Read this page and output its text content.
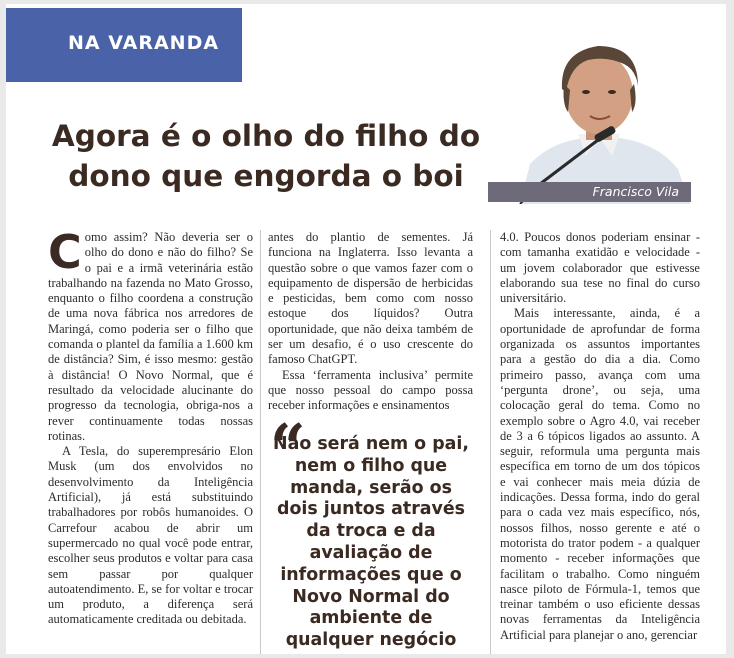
NA VARANDA
Agora é o olho do filho do dono que engorda o boi	Francisco Vila

Como assim? Não deveria ser o olho do dono e não do filho? Se o pai e a irmã veterinária estão trabalhando na fazenda no Mato Grosso, enquanto o filho coordena a construção de uma nova fábrica nos arredores de Maringá, como poderia ser o filho que comanda o plantel da família a 1.600 km de distância? Sim, é isso mesmo: gestão à distância! O Novo Normal, que é resultado da velocidade alucinante do progresso da tecnologia, obriga-nos a rever continuamente todas nossas rotinas.

A Tesla, do superempresário Elon Musk (um dos envolvidos no desenvolvimento da Inteligência Artificial), já está substituindo trabalhadores por robôs humanoides. O Carrefour acabou de abrir um supermercado no qual você pode entrar, escolher seus produtos e voltar para casa sem passar por qualquer autoatendimento. E, se for voltar e trocar um produto, a diferença será automaticamente creditada ou debitada.

antes do plantio de sementes. Já funciona na Inglaterra. Isso levanta a questão sobre o que vamos fazer com o equipamento de dispersão de herbicidas e pesticidas, bem como com nosso estoque dos líquidos? Outra oportunidade, que não deixa também de ser um desafio, é o uso crescente do famoso ChatGPT.

Essa ‘ferramenta inclusiva’ permite que nosso pessoal do campo possa receber informações e ensinamentos

“
Não será nem o pai, nem o filho que manda, serão os dois juntos através da troca e da avaliação de informações que o Novo Normal do ambiente de qualquer negócio

4.0. Poucos donos poderiam ensinar - com tamanha exatidão e velocidade - um jovem colaborador que estivesse elaborando sua tese no final do curso universitário.

Mais interessante, ainda, é a oportunidade de aprofundar de forma organizada os assuntos importantes para a gestão do dia a dia. Como primeiro passo, avança com uma ‘pergunta drone’, ou seja, uma colocação geral do tema. Como no exemplo sobre o Agro 4.0, vai receber de 3 a 6 tópicos ligados ao assunto. A seguir, reformula uma pergunta mais específica em torno de um dos tópicos e vai conhecer mais meia dúzia de indicações. Dessa forma, indo do geral para o cada vez mais específico, nós, nossos filhos, nosso gerente e até o motorista do trator podem - a qualquer momento - receber informações que facilitam o trabalho. Como ninguém nasce piloto de Fórmula-1, temos que treinar também o uso eficiente dessas novas ferramentas da Inteligência Artificial para planejar o ano, gerenciar
